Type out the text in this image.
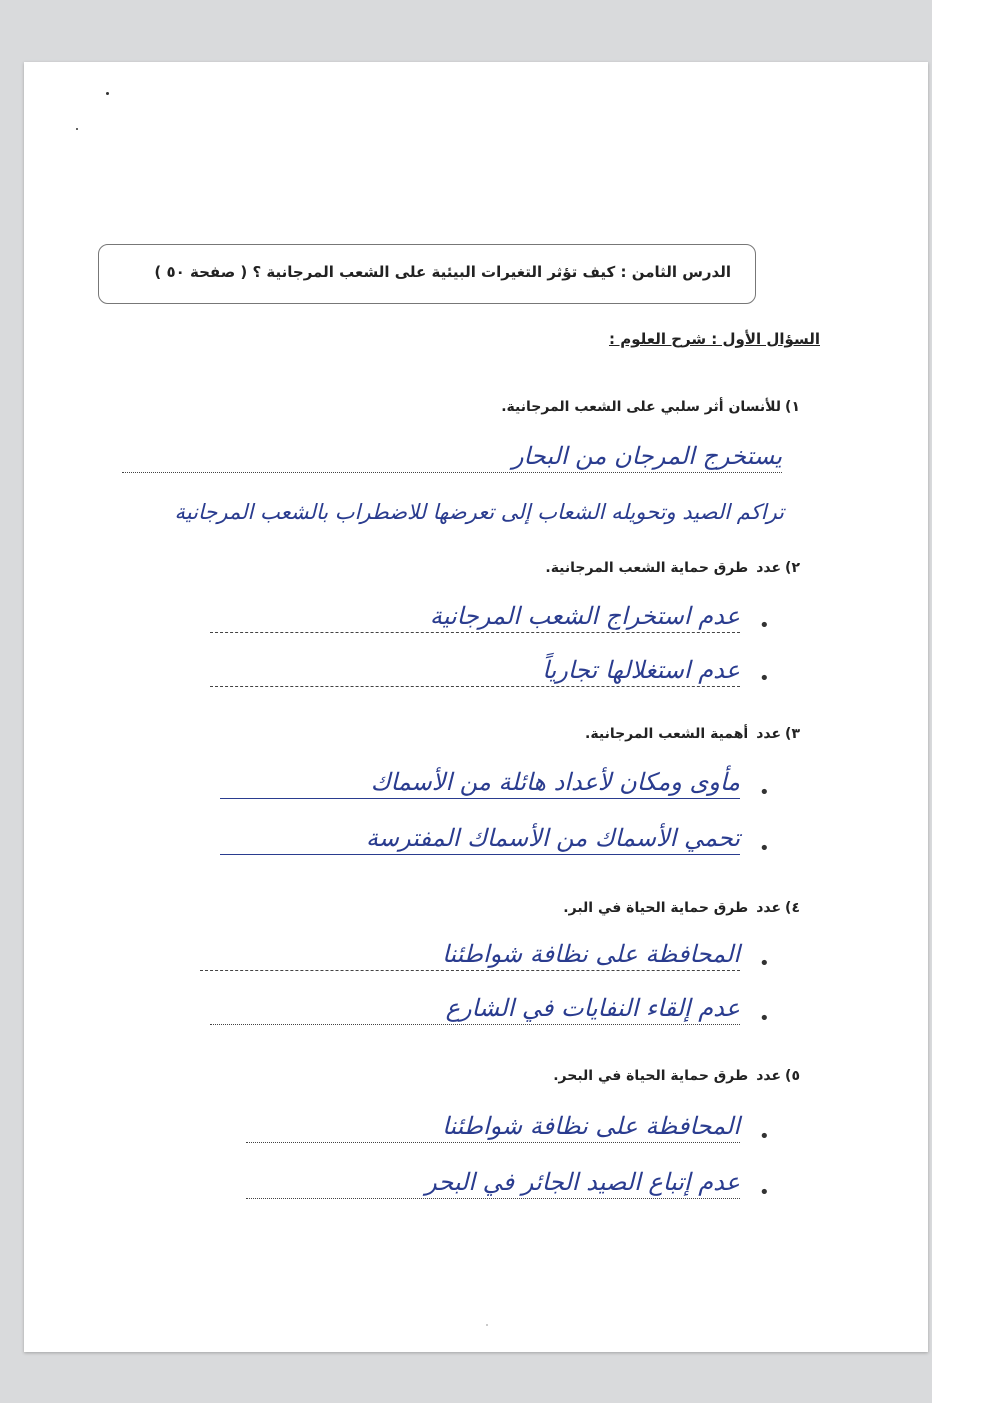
الدرس الثامن : كيف تؤثر التغيرات البيئية على الشعب المرجانية ؟ ( صفحة ٥٠ )
السؤال الأول : شرح العلوم :
١)للأنسان أثر سلبي على الشعب المرجانية.
يستخرج المرجان من البحار
تراكم الصيد وتحويله الشعاب إلى تعرضها للاضطراب بالشعب المرجانية
٢)عددطرق حماية الشعب المرجانية.
•
عدم استخراج الشعب المرجانية
•
عدم استغلالها تجارياً
٣)عددأهمية الشعب المرجانية.
•
مأوى ومكان لأعداد هائلة من الأسماك
•
تحمي الأسماك من الأسماك المفترسة
٤)عددطرق حماية الحياة في البر.
•
المحافظة على نظافة شواطئنا
•
عدم إلقاء النفايات في الشارع
٥)عددطرق حماية الحياة في البحر.
•
المحافظة على نظافة شواطئنا
•
عدم إتباع الصيد الجائر في البحر
